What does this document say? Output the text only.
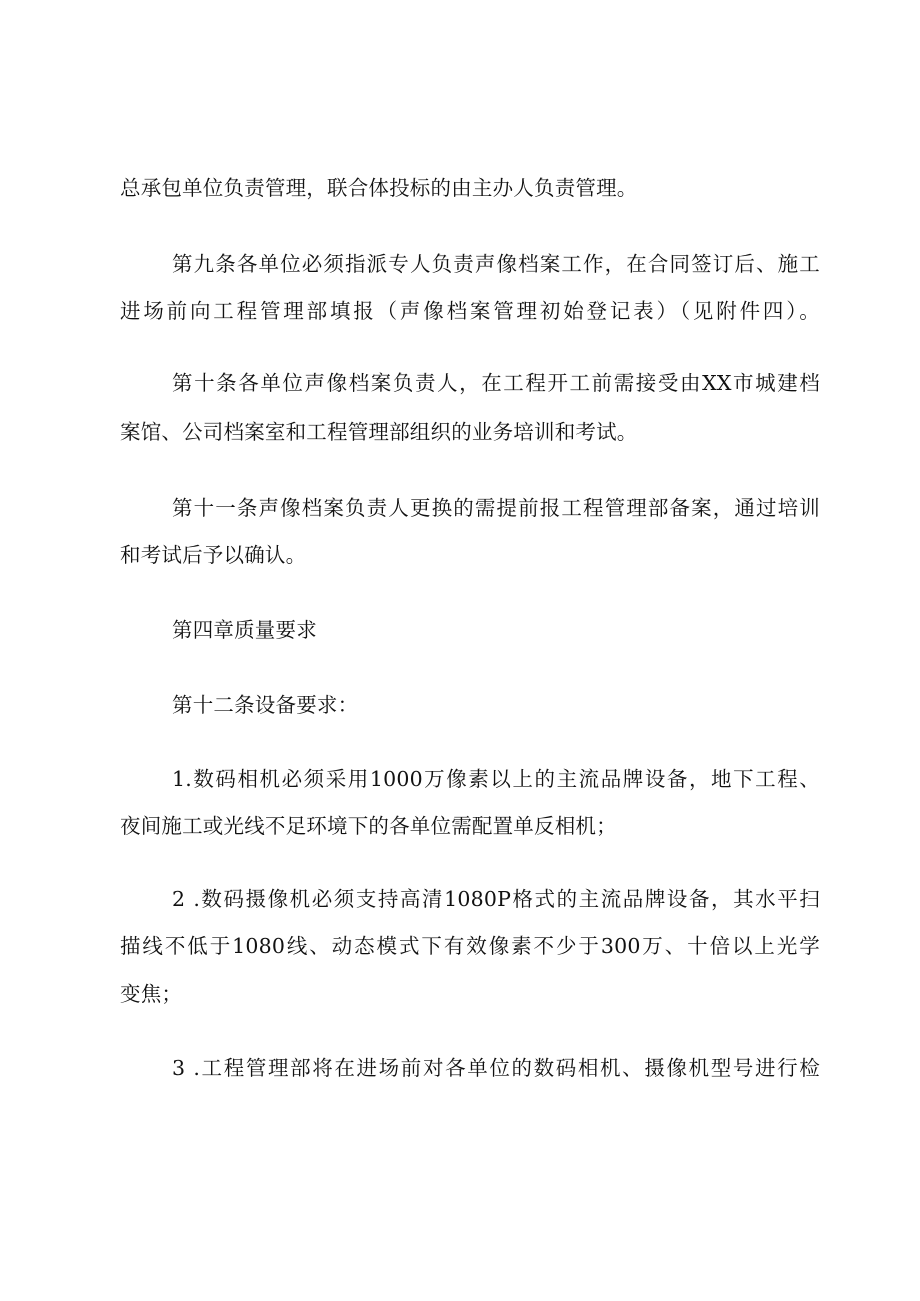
总承包单位负责管理，联合体投标的由主办人负责管理。
第九条各单位必须指派专人负责声像档案工作，在合同签订后、施工
进场前向工程管理部填报（声像档案管理初始登记表）（见附件四）。
第十条各单位声像档案负责人，在工程开工前需接受由XX市城建档
案馆、公司档案室和工程管理部组织的业务培训和考试。
第十一条声像档案负责人更换的需提前报工程管理部备案，通过培训
和考试后予以确认。
第四章质量要求
第十二条设备要求：
1.数码相机必须采用1000万像素以上的主流品牌设备，地下工程、
夜间施工或光线不足环境下的各单位需配置单反相机；
2 .数码摄像机必须支持高清1080P格式的主流品牌设备，其水平扫
描线不低于1080线、动态模式下有效像素不少于300万、十倍以上光学
变焦；
3 .工程管理部将在进场前对各单位的数码相机、摄像机型号进行检
